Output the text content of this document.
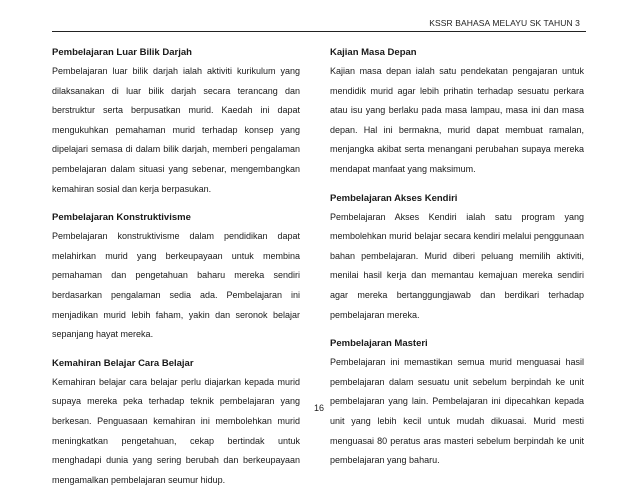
KSSR BAHASA MELAYU SK TAHUN 3

Pembelajaran Luar Bilik Darjah

Pembelajaran luar bilik darjah ialah aktiviti kurikulum yang dilaksanakan di luar bilik darjah secara terancang dan berstruktur serta berpusatkan murid. Kaedah ini dapat mengukuhkan pemahaman murid terhadap konsep yang dipelajari semasa di dalam bilik darjah, memberi pengalaman pembelajaran dalam situasi yang sebenar, mengembangkan kemahiran sosial dan kerja berpasukan.

Pembelajaran Konstruktivisme

Pembelajaran konstruktivisme dalam pendidikan dapat melahirkan murid yang berkeupayaan untuk membina pemahaman dan pengetahuan baharu mereka sendiri berdasarkan pengalaman sedia ada. Pembelajaran ini menjadikan murid lebih faham, yakin dan seronok belajar sepanjang hayat mereka.

Kemahiran Belajar Cara Belajar

Kemahiran belajar cara belajar perlu diajarkan kepada murid supaya mereka peka terhadap teknik pembelajaran yang berkesan. Penguasaan kemahiran ini membolehkan murid meningkatkan pengetahuan, cekap bertindak untuk menghadapi dunia yang sering berubah dan berkeupayaan mengamalkan pembelajaran seumur hidup.

Kajian Masa Depan

Kajian masa depan ialah satu pendekatan pengajaran untuk mendidik murid agar lebih prihatin terhadap sesuatu perkara atau isu yang berlaku pada masa lampau, masa ini dan masa depan. Hal ini bermakna, murid dapat membuat ramalan, menjangka akibat serta menangani perubahan supaya mereka mendapat manfaat yang maksimum.

Pembelajaran Akses Kendiri

Pembelajaran Akses Kendiri ialah satu program yang membolehkan murid belajar secara kendiri melalui penggunaan bahan pembelajaran. Murid diberi peluang memilih aktiviti, menilai hasil kerja dan memantau kemajuan mereka sendiri agar mereka bertanggungjawab dan berdikari terhadap pembelajaran mereka.

Pembelajaran Masteri

Pembelajaran ini memastikan semua murid menguasai hasil pembelajaran dalam sesuatu unit sebelum berpindah ke unit pembelajaran yang lain. Pembelajaran ini dipecahkan kepada unit yang lebih kecil untuk mudah dikuasai. Murid mesti menguasai 80 peratus aras masteri sebelum berpindah ke unit pembelajaran yang baharu.

16
